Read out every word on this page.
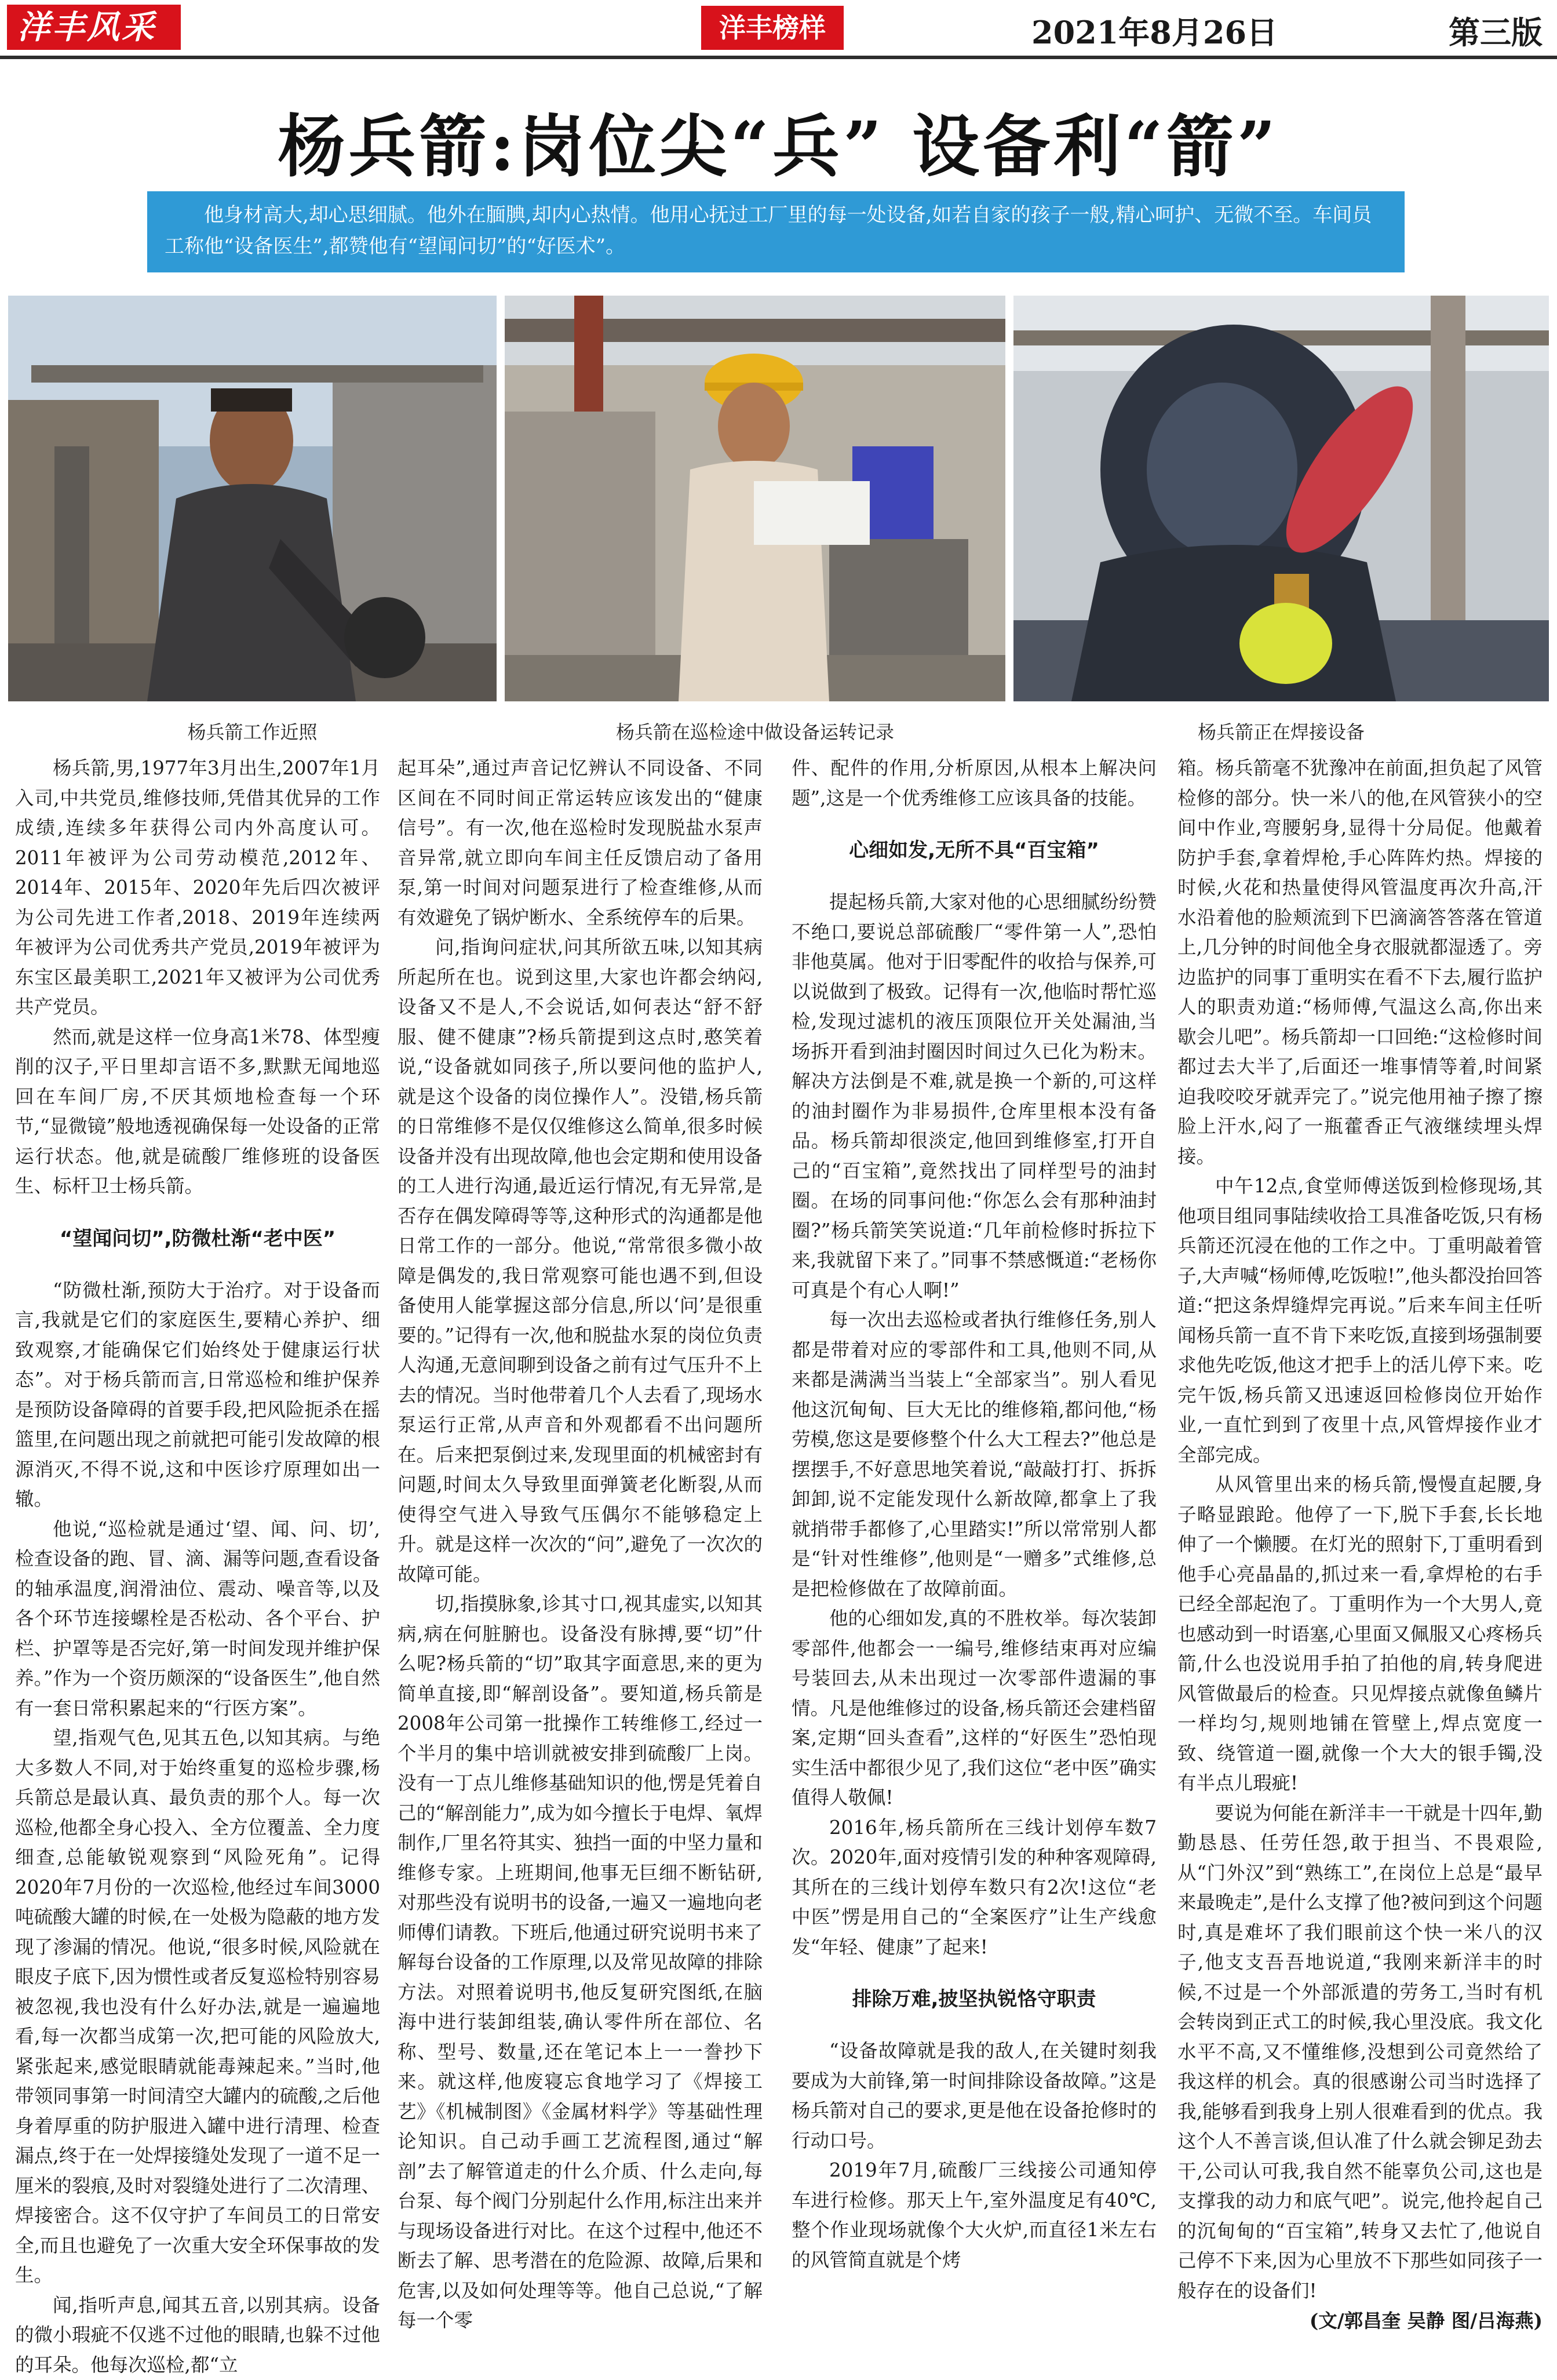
洋丰风采	洋丰榜样	2021年8月26日	第三版
杨兵箭:岗位尖“兵” 设备利“箭”
他身材高大,却心思细腻。他外在腼腆,却内心热情。他用心抚过工厂里的每一处设备,如若自家的孩子一般,精心呵护、无微不至。车间员工称他“设备医生”,都赞他有“望闻问切”的“好医术”。
杨兵箭工作近照	杨兵箭在巡检途中做设备运转记录	杨兵箭正在焊接设备

杨兵箭,男,1977年3月出生,2007年1月入司,中共党员,维修技师,凭借其优异的工作成绩,连续多年获得公司内外高度认可。2011年被评为公司劳动模范,2012年、2014年、2015年、2020年先后四次被评为公司先进工作者,2018、2019年连续两年被评为公司优秀共产党员,2019年被评为东宝区最美职工,2021年又被评为公司优秀共产党员。

然而,就是这样一位身高1米78、体型瘦削的汉子,平日里却言语不多,默默无闻地巡回在车间厂房,不厌其烦地检查每一个环节,“显微镜”般地透视确保每一处设备的正常运行状态。他,就是硫酸厂维修班的设备医生、标杆卫士杨兵箭。

“望闻问切”,防微杜渐“老中医”

“防微杜渐,预防大于治疗。对于设备而言,我就是它们的家庭医生,要精心养护、细致观察,才能确保它们始终处于健康运行状态”。对于杨兵箭而言,日常巡检和维护保养是预防设备障碍的首要手段,把风险扼杀在摇篮里,在问题出现之前就把可能引发故障的根源消灭,不得不说,这和中医诊疗原理如出一辙。

他说,“巡检就是通过‘望、闻、问、切’,检查设备的跑、冒、滴、漏等问题,查看设备的轴承温度,润滑油位、震动、噪音等,以及各个环节连接螺栓是否松动、各个平台、护栏、护罩等是否完好,第一时间发现并维护保养。”作为一个资历颇深的“设备医生”,他自然有一套日常积累起来的“行医方案”。

望,指观气色,见其五色,以知其病。与绝大多数人不同,对于始终重复的巡检步骤,杨兵箭总是最认真、最负责的那个人。每一次巡检,他都全身心投入、全方位覆盖、全力度细查,总能敏锐观察到“风险死角”。记得2020年7月份的一次巡检,他经过车间3000吨硫酸大罐的时候,在一处极为隐蔽的地方发现了渗漏的情况。他说,“很多时候,风险就在眼皮子底下,因为惯性或者反复巡检特别容易被忽视,我也没有什么好办法,就是一遍遍地看,每一次都当成第一次,把可能的风险放大,紧张起来,感觉眼睛就能毒辣起来。”当时,他带领同事第一时间清空大罐内的硫酸,之后他身着厚重的防护服进入罐中进行清理、检查漏点,终于在一处焊接缝处发现了一道不足一厘米的裂痕,及时对裂缝处进行了二次清理、焊接密合。这不仅守护了车间员工的日常安全,而且也避免了一次重大安全环保事故的发生。

闻,指听声息,闻其五音,以别其病。设备的微小瑕疵不仅逃不过他的眼睛,也躲不过他的耳朵。他每次巡检,都“立

起耳朵”,通过声音记忆辨认不同设备、不同区间在不同时间正常运转应该发出的“健康信号”。有一次,他在巡检时发现脱盐水泵声音异常,就立即向车间主任反馈启动了备用泵,第一时间对问题泵进行了检查维修,从而有效避免了锅炉断水、全系统停车的后果。

问,指询问症状,问其所欲五味,以知其病所起所在也。说到这里,大家也许都会纳闷,设备又不是人,不会说话,如何表达“舒不舒服、健不健康”?杨兵箭提到这点时,憨笑着说,“设备就如同孩子,所以要问他的监护人,就是这个设备的岗位操作人”。没错,杨兵箭的日常维修不是仅仅维修这么简单,很多时候设备并没有出现故障,他也会定期和使用设备的工人进行沟通,最近运行情况,有无异常,是否存在偶发障碍等等,这种形式的沟通都是他日常工作的一部分。他说,“常常很多微小故障是偶发的,我日常观察可能也遇不到,但设备使用人能掌握这部分信息,所以‘问’是很重要的。”记得有一次,他和脱盐水泵的岗位负责人沟通,无意间聊到设备之前有过气压升不上去的情况。当时他带着几个人去看了,现场水泵运行正常,从声音和外观都看不出问题所在。后来把泵倒过来,发现里面的机械密封有问题,时间太久导致里面弹簧老化断裂,从而使得空气进入导致气压偶尔不能够稳定上升。就是这样一次次的“问”,避免了一次次的故障可能。

切,指摸脉象,诊其寸口,视其虚实,以知其病,病在何脏腑也。设备没有脉搏,要“切”什么呢?杨兵箭的“切”取其字面意思,来的更为简单直接,即“解剖设备”。要知道,杨兵箭是2008年公司第一批操作工转维修工,经过一个半月的集中培训就被安排到硫酸厂上岗。没有一丁点儿维修基础知识的他,愣是凭着自己的“解剖能力”,成为如今擅长于电焊、氧焊制作,厂里名符其实、独挡一面的中坚力量和维修专家。上班期间,他事无巨细不断钻研,对那些没有说明书的设备,一遍又一遍地向老师傅们请教。下班后,他通过研究说明书来了解每台设备的工作原理,以及常见故障的排除方法。对照着说明书,他反复研究图纸,在脑海中进行装卸组装,确认零件所在部位、名称、型号、数量,还在笔记本上一一誊抄下来。就这样,他废寝忘食地学习了《焊接工艺》《机械制图》《金属材料学》等基础性理论知识。自己动手画工艺流程图,通过“解剖”去了解管道走的什么介质、什么走向,每台泵、每个阀门分别起什么作用,标注出来并与现场设备进行对比。在这个过程中,他还不断去了解、思考潜在的危险源、故障,后果和危害,以及如何处理等等。他自己总说,“了解每一个零

件、配件的作用,分析原因,从根本上解决问题”,这是一个优秀维修工应该具备的技能。

心细如发,无所不具“百宝箱”

提起杨兵箭,大家对他的心思细腻纷纷赞不绝口,要说总部硫酸厂“零件第一人”,恐怕非他莫属。他对于旧零配件的收拾与保养,可以说做到了极致。记得有一次,他临时帮忙巡检,发现过滤机的液压顶限位开关处漏油,当场拆开看到油封圈因时间过久已化为粉末。解决方法倒是不难,就是换一个新的,可这样的油封圈作为非易损件,仓库里根本没有备品。杨兵箭却很淡定,他回到维修室,打开自己的“百宝箱”,竟然找出了同样型号的油封圈。在场的同事问他:“你怎么会有那种油封圈?”杨兵箭笑笑说道:“几年前检修时拆拉下来,我就留下来了。”同事不禁感慨道:“老杨你可真是个有心人啊!”

每一次出去巡检或者执行维修任务,别人都是带着对应的零部件和工具,他则不同,从来都是满满当当装上“全部家当”。别人看见他这沉甸甸、巨大无比的维修箱,都问他,“杨劳模,您这是要修整个什么大工程去?”他总是摆摆手,不好意思地笑着说,“敲敲打打、拆拆卸卸,说不定能发现什么新故障,都拿上了我就捎带手都修了,心里踏实!”所以常常别人都是“针对性维修”,他则是“一赠多”式维修,总是把检修做在了故障前面。

他的心细如发,真的不胜枚举。每次装卸零部件,他都会一一编号,维修结束再对应编号装回去,从未出现过一次零部件遗漏的事情。凡是他维修过的设备,杨兵箭还会建档留案,定期“回头查看”,这样的“好医生”恐怕现实生活中都很少见了,我们这位“老中医”确实值得人敬佩!

2016年,杨兵箭所在三线计划停车数7次。2020年,面对疫情引发的种种客观障碍,其所在的三线计划停车数只有2次!这位“老中医”愣是用自己的“全案医疗”让生产线愈发“年轻、健康”了起来!

排除万难,披坚执锐恪守职责

“设备故障就是我的敌人,在关键时刻我要成为大前锋,第一时间排除设备故障。”这是杨兵箭对自己的要求,更是他在设备抢修时的行动口号。

2019年7月,硫酸厂三线接公司通知停车进行检修。那天上午,室外温度足有40℃,整个作业现场就像个大火炉,而直径1米左右的风管简直就是个烤

箱。杨兵箭毫不犹豫冲在前面,担负起了风管检修的部分。快一米八的他,在风管狭小的空间中作业,弯腰躬身,显得十分局促。他戴着防护手套,拿着焊枪,手心阵阵灼热。焊接的时候,火花和热量使得风管温度再次升高,汗水沿着他的脸颊流到下巴滴滴答答落在管道上,几分钟的时间他全身衣服就都湿透了。旁边监护的同事丁重明实在看不下去,履行监护人的职责劝道:“杨师傅,气温这么高,你出来歇会儿吧”。杨兵箭却一口回绝:“这检修时间都过去大半了,后面还一堆事情等着,时间紧迫我咬咬牙就弄完了。”说完他用袖子擦了擦脸上汗水,闷了一瓶藿香正气液继续埋头焊接。

中午12点,食堂师傅送饭到检修现场,其他项目组同事陆续收拾工具准备吃饭,只有杨兵箭还沉浸在他的工作之中。丁重明敲着管子,大声喊“杨师傅,吃饭啦!”,他头都没抬回答道:“把这条焊缝焊完再说。”后来车间主任听闻杨兵箭一直不肯下来吃饭,直接到场强制要求他先吃饭,他这才把手上的活儿停下来。吃完午饭,杨兵箭又迅速返回检修岗位开始作业,一直忙到到了夜里十点,风管焊接作业才全部完成。

从风管里出来的杨兵箭,慢慢直起腰,身子略显踉跄。他停了一下,脱下手套,长长地伸了一个懒腰。在灯光的照射下,丁重明看到他手心亮晶晶的,抓过来一看,拿焊枪的右手已经全部起泡了。丁重明作为一个大男人,竟也感动到一时语塞,心里面又佩服又心疼杨兵箭,什么也没说用手拍了拍他的肩,转身爬进风管做最后的检查。只见焊接点就像鱼鳞片一样均匀,规则地铺在管壁上,焊点宽度一致、绕管道一圈,就像一个大大的银手镯,没有半点儿瑕疵!

要说为何能在新洋丰一干就是十四年,勤勤恳恳、任劳任怨,敢于担当、不畏艰险,从“门外汉”到“熟练工”,在岗位上总是“最早来最晚走”,是什么支撑了他?被问到这个问题时,真是难坏了我们眼前这个快一米八的汉子,他支支吾吾地说道,“我刚来新洋丰的时候,不过是一个外部派遣的劳务工,当时有机会转岗到正式工的时候,我心里没底。我文化水平不高,又不懂维修,没想到公司竟然给了我这样的机会。真的很感谢公司当时选择了我,能够看到我身上别人很难看到的优点。我这个人不善言谈,但认准了什么就会铆足劲去干,公司认可我,我自然不能辜负公司,这也是支撑我的动力和底气吧”。说完,他拎起自己的沉甸甸的“百宝箱”,转身又去忙了,他说自己停不下来,因为心里放不下那些如同孩子一般存在的设备们!

(文/郭昌奎 吴静 图/吕海燕)
